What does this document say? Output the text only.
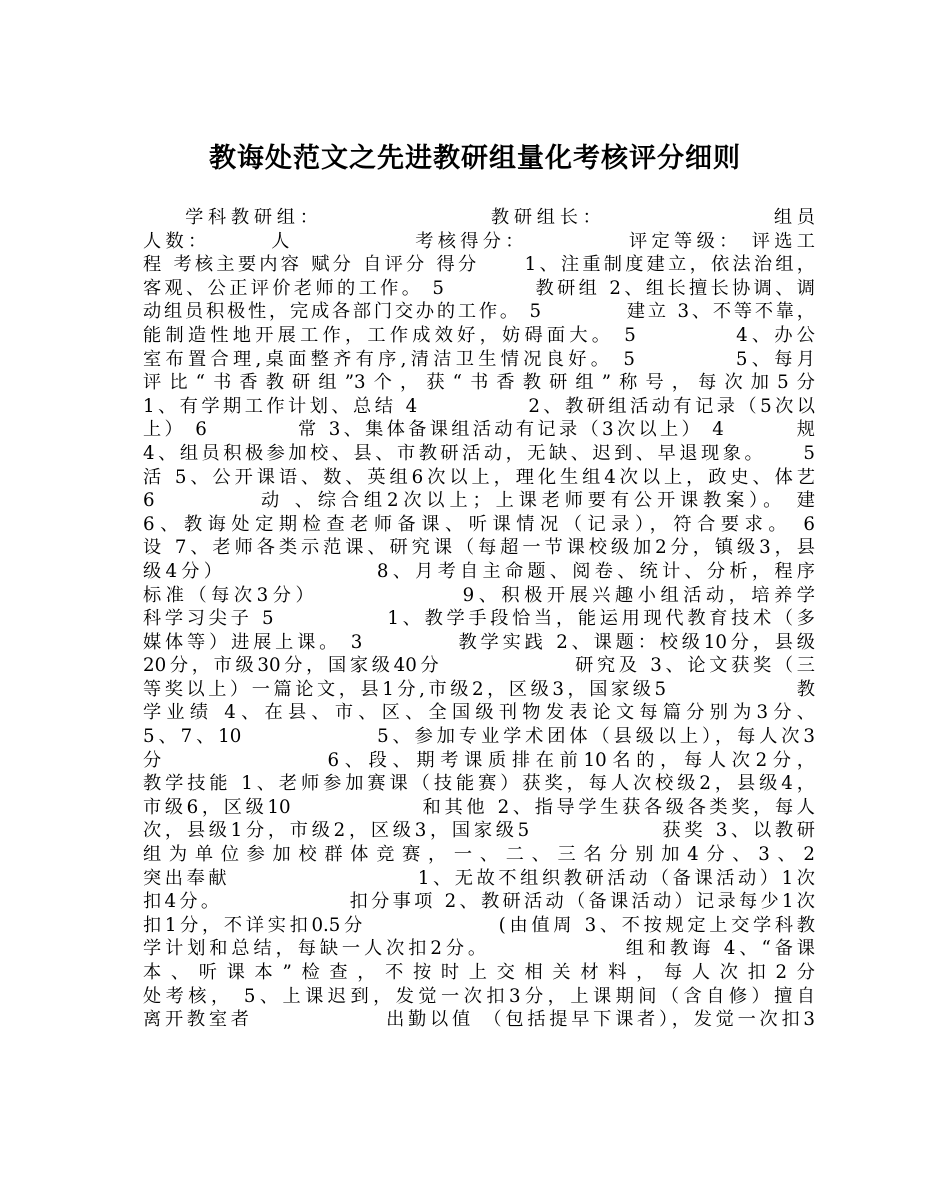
教诲处范文之先进教研组量化考核评分细则
学科教研组：                教研组长：                组员
人数：      人            考核得分：          评定等级： 评选工
程 考核主要内容 赋分 自评分 得分     1、注重制度建立，依法治组，
客观、公正评价老师的工作。 5          教研组 2、组长擅长协调、调
动组员积极性，完成各部门交办的工作。 5          建立 3、不等不靠，
能制造性地开展工作，工作成效好，妨碍面大。 5          4、办公
室布置合理,桌面整齐有序,清洁卫生情况良好。 5          5、每月
评比“书香教研组”3个，获“书香教研组”称号，每次加5分
1、有学期工作计划、总结 4            2、教研组活动有记录（5次以
上） 6          常 3、集体备课组活动有记录（3次以上） 4        规
4、组员积极参加校、县、市教研活动，无缺、迟到、早退现象。    5
活 5、公开课语、数、英组6次以上，理化生组4次以上，政史、体艺
6          动 、综合组2次以上；上课老师要有公开课教案）。 建
6、教诲处定期检查老师备课、听课情况（记录），符合要求。 6
设 7、老师各类示范课、研究课（每超一节课校级加2分，镇级3，县
级4分）               8、月考自主命题、阅卷、统计、分析，程序
标准（每次3分）              9、积极开展兴趣小组活动，培养学
科学习尖子 5            1、教学手段恰当，能运用现代教育技术（多
媒体等）进展上课。 3          教学实践 2、课题：校级10分，县级
20分，市级30分，国家级40分              研究及 3、论文获奖（三
等奖以上）一篇论文，县1分,市级2，区级3，国家级5              教
学业绩 4、在县、市、区、全国级刊物发表论文每篇分别为3分、
5、7、10              5、参加专业学术团体（县级以上），每人次3
分              6、段、期考课质排在前10名的，每人次2分，
教学技能 1、老师参加赛课（技能赛）获奖，每人次校级2，县级4，
市级6，区级10              和其他 2、指导学生获各级各类奖，每人
次，县级1分，市级2，区级3，国家级5              获奖 3、以教研
组为单位参加校群体竞赛，一、二、三名分别加4分、3、2
突出奉献                    1、无故不组织教研活动（备课活动）1次
扣4分。              扣分事项 2、教研活动（备课活动）记录每少1次
扣1分，不详实扣0.5分              (由值周 3、不按规定上交学科教
学计划和总结，每缺一人次扣2分。              组和教诲 4、“备课
本、听课本”检查，不按时上交相关材料，每人次扣2分
处考核， 5、上课迟到，发觉一次扣3分，上课期间（含自修）擅自
离开教室者              出勤以值 （包括提早下课者），发觉一次扣3
